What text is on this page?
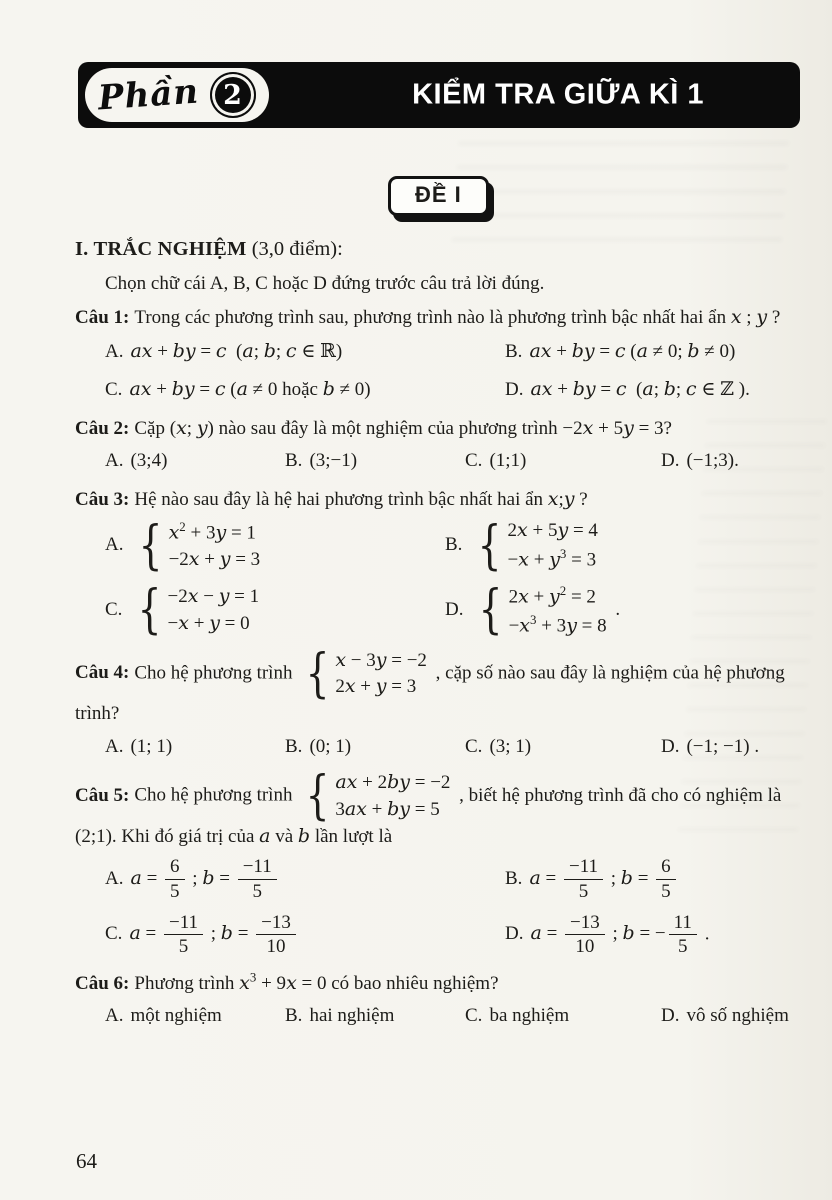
Phần 2	KIỂM TRA GIỮA KÌ 1
ĐỀ I

I. TRẮC NGHIỆM (3,0 điểm):

Chọn chữ cái A, B, C hoặc D đứng trước câu trả lời đúng.

Câu 1: Trong các phương trình sau, phương trình nào là phương trình bậc nhất hai ẩn x ; y ?

A. ax + by = c  (a; b; c ∈ ℝ)	B. ax + by = c (a ≠ 0; b ≠ 0)
C. ax + by = c (a ≠ 0 hoặc b ≠ 0)	D. ax + by = c  (a; b; c ∈ ℤ ).

Câu 2: Cặp (x; y) nào sau đây là một nghiệm của phương trình −2x + 5y = 3?

A. (3;4)	B. (3;−1)	C. (1;1)	D. (−1;3).

Câu 3: Hệ nào sau đây là hệ hai phương trình bậc nhất hai ẩn x;y ?

A. { $x^2 + 3y = 1$
−2x + y = 3
B. { 2x + 5y = 4
$-x + y^3 = 3$
C. { −2x − y = 1
−x + y = 0
D. { $2x + y^2 = 2$
$-x^3 + 3y = 8$
.

Câu 4: Cho hệ phương trình { x − 3y = −2
2x + y = 3
, cặp số nào sau đây là nghiệm của hệ phương trình?

A. (1; 1)	B. (0; 1)	C. (3; 1)	D. (−1; −1) .

Câu 5: Cho hệ phương trình { ax + 2by = −2
3ax + by = 5
, biết hệ phương trình đã cho có nghiệm là (2;1). Khi đó giá trị của a và b lần lượt là

A. $a = \frac{6}{5}$ ; $b = \frac{-11}{5}$	B. $a = \frac{-11}{5}$ ; $b = \frac{6}{5}$
C. $a = \frac{-11}{5}$ ; $b = \frac{-13}{10}$	D. $a = \frac{-13}{10}$ ; b = − $\frac{11}{5}$ .

Câu 6: Phương trình $x^3 + 9x = 0$ có bao nhiêu nghiệm?

A. một nghiệm	B. hai nghiệm	C. ba nghiệm	D. vô số nghiệm
64
